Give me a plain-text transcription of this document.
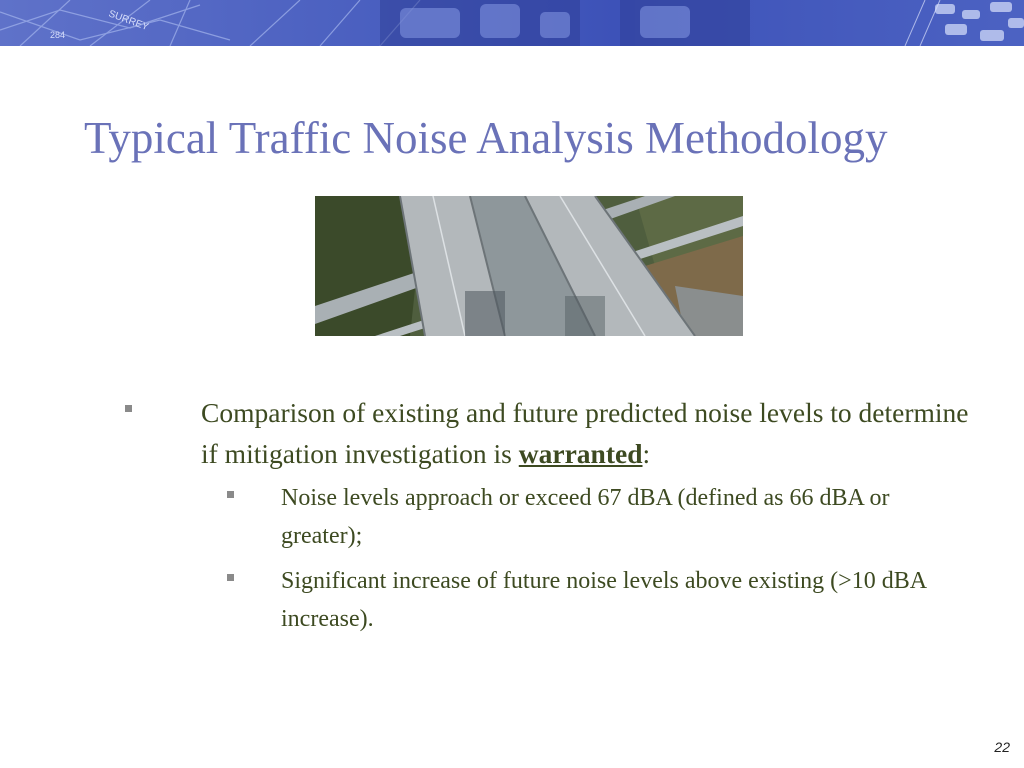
SURREY
284
Typical Traffic Noise Analysis Methodology
Comparison of existing and future predicted noise levels to determine if mitigation investigation is warranted:
Noise levels approach or exceed 67 dBA (defined as 66 dBA or greater);
Significant increase of future noise levels above existing (>10 dBA increase).
22
